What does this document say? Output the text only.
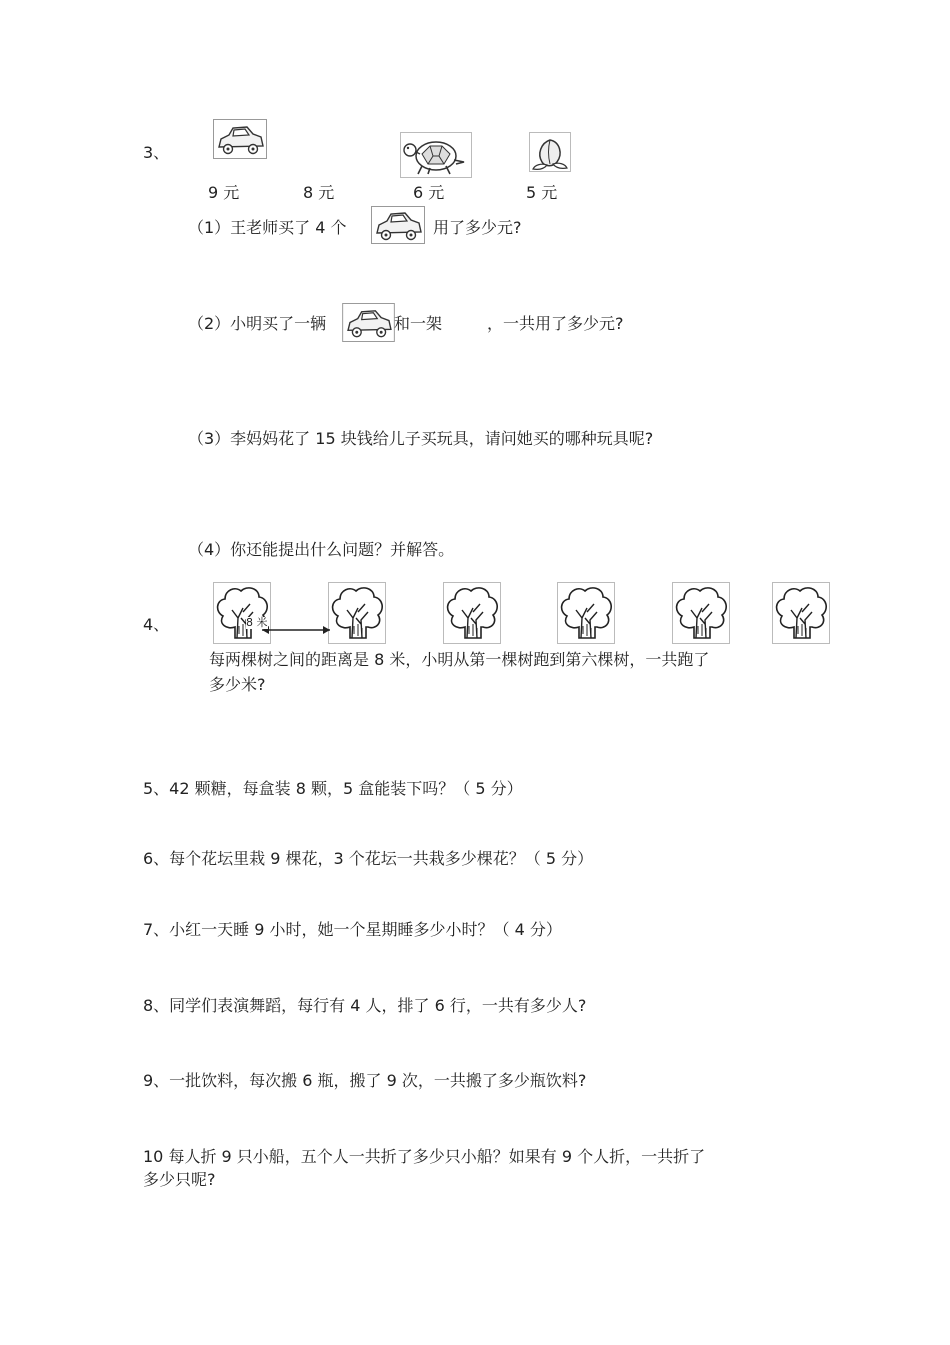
3、
9 元	8 元	6 元	5 元
（1）王老师买了 4 个	用了多少元?
（2）小明买了一辆	和一架	，一共用了多少元?
（3）李妈妈花了 15 块钱给儿子买玩具，请问她买的哪种玩具呢?
（4）你还能提出什么问题？并解答。
4、	8 米
每两棵树之间的距离是 8 米，小明从第一棵树跑到第六棵树，一共跑了
多少米?
5、42 颗糖，每盒装 8 颗，5 盒能装下吗？（ 5 分）
6、每个花坛里栽 9 棵花，3 个花坛一共栽多少棵花？（ 5 分）
7、小红一天睡 9 小时，她一个星期睡多少小时？（ 4 分）
8、同学们表演舞蹈，每行有 4 人，排了 6 行，一共有多少人?
9、一批饮料，每次搬 6 瓶，搬了 9 次，一共搬了多少瓶饮料?
10 每人折 9 只小船，五个人一共折了多少只小船？如果有 9 个人折，一共折了
多少只呢?
